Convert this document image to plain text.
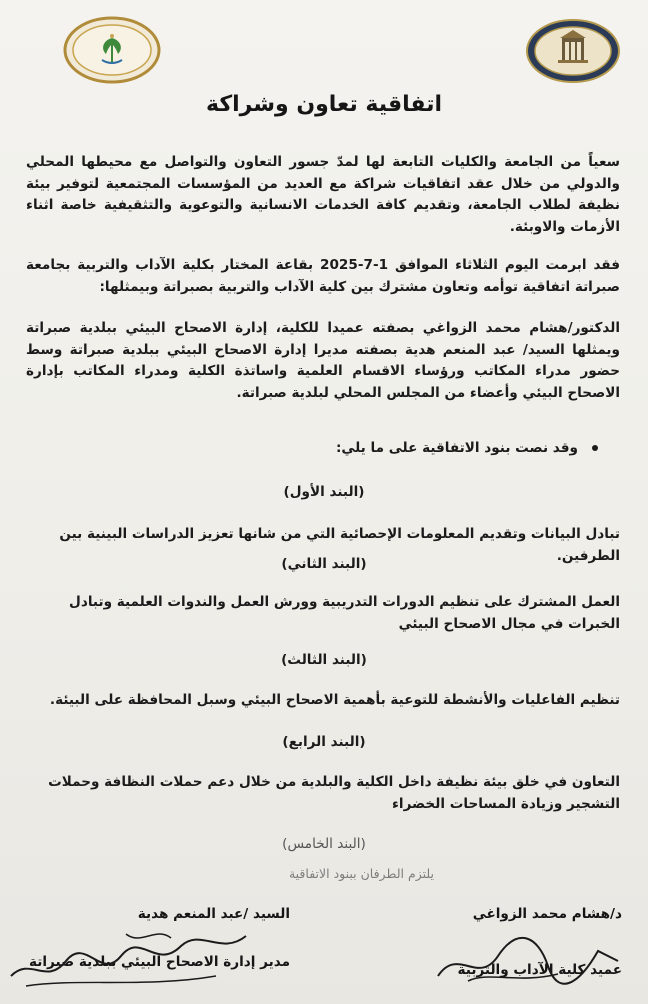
اتفاقية تعاون وشراكة
سعياً من الجامعة والكليات التابعة لها لمدّ جسور التعاون والتواصل مع محيطها المحلي والدولي من خلال عقد اتفاقيات شراكة مع العديد من المؤسسات المجتمعية لتوفير بيئة نظيفة لطلاب الجامعة، وتقديم كافة الخدمات الانسانية والتوعوية والتثقيفية خاصة اثناء الأزمات والاوبئة.
فقد ابرمت اليوم الثلاثاء الموافق 1-7-2025 بقاعة المختار بكلية الآداب والتربية بجامعة صبراتة اتفاقية توأمه وتعاون مشترك بين كلية الآداب والتربية بصبراتة وبيمثلها:
الدكتور/هشام محمد الزواغي بصفته عميدا للكلية، إدارة الاصحاح البيئي ببلدية صبراتة ويمثلها السيد/ عبد المنعم هدية بصفته مديرا إدارة الاصحاح البيئي ببلدية صبراتة وسط حضور مدراء المكاتب ورؤساء الاقسام العلمية واساتذة الكلية ومدراء المكاتب بإدارة الاصحاح البيئي وأعضاء من المجلس المحلي لبلدية صبراتة.
وقد نصت بنود الاتفاقية على ما يلي:
(البند الأول)
تبادل البيانات وتقديم المعلومات الإحصائية التي من شانها تعزيز الدراسات البينية بين الطرفين.
(البند الثاني)
العمل المشترك على تنظيم الدورات التدريبية وورش العمل والندوات العلمية وتبادل الخبرات في مجال الاصحاح البيئي
(البند الثالث)
تنظيم الفاعليات والأنشطة للتوعية بأهمية الاصحاح البيئي وسبل المحافظة على البيئة.
(البند الرابع)
التعاون في خلق بيئة نظيفة داخل الكلية والبلدية من خلال دعم حملات النظافة وحملات التشجير وزيادة المساحات الخضراء
(البند الخامس)
يلتزم الطرفان ببنود الاتفاقية
د/هشام محمد الزواغي
عميد كلية الآداب والتربية
السيد /عبد المنعم هدية
مدير إدارة الاصحاح البيئي ببلدية صبراتة
